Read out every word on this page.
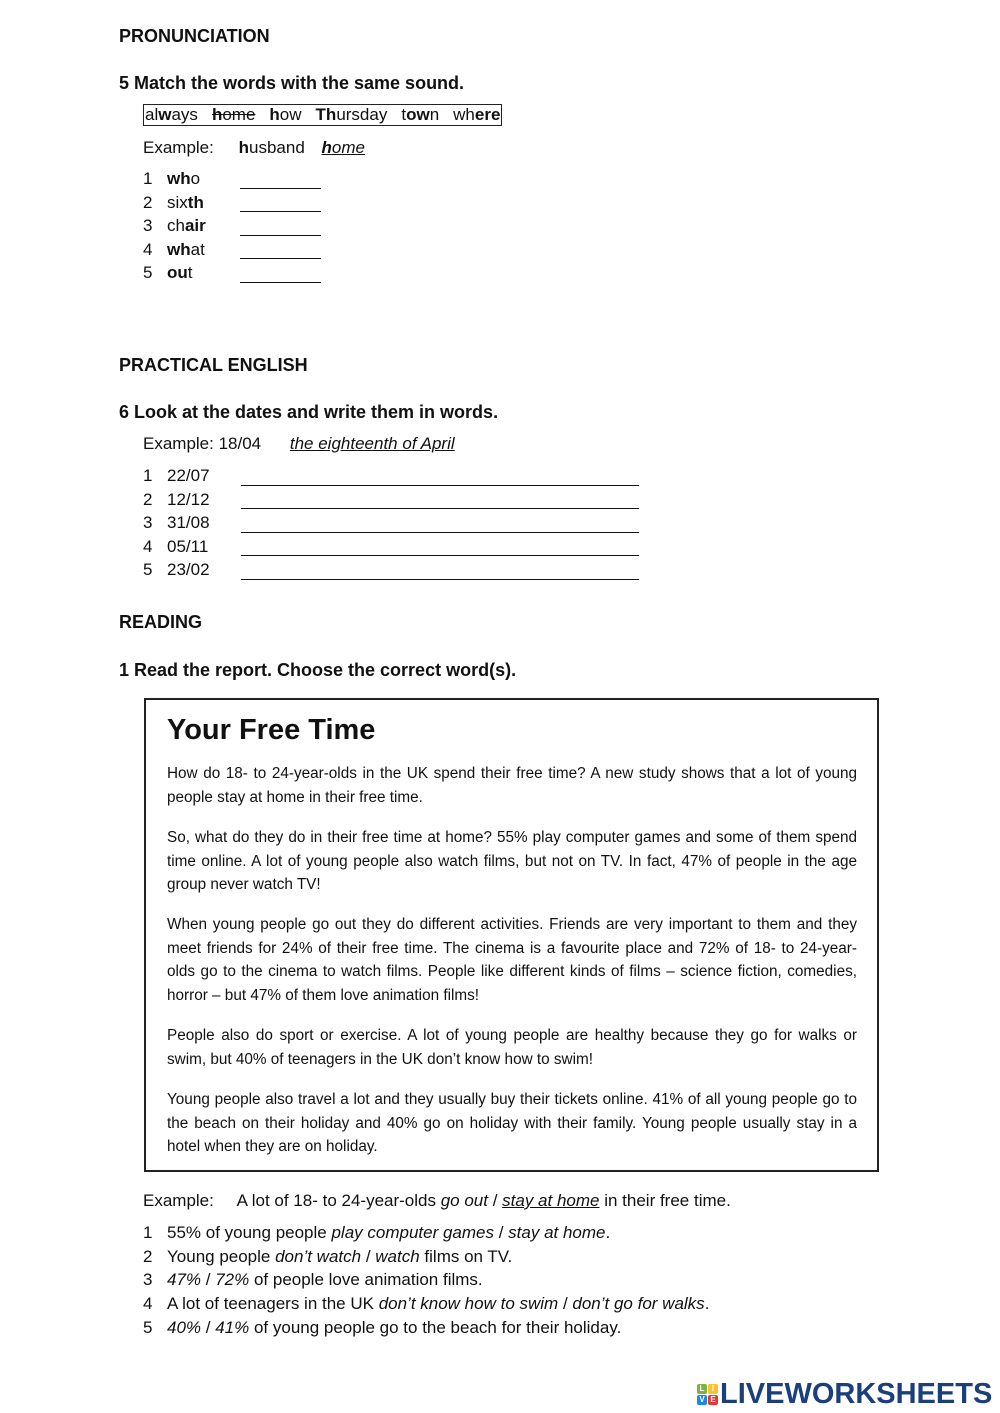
PRONUNCIATION
5 Match the words with the same sound.
always home how Thursday town where
Example: husband home
PRACTICAL ENGLISH
6 Look at the dates and write them in words.
Example: 18/04 the eighteenth of April
READING
1 Read the report. Choose the correct word(s).
Your Free Time

How do 18- to 24-year-olds in the UK spend their free time? A new study shows that a lot of young people stay at home in their free time.

So, what do they do in their free time at home? 55% play computer games and some of them spend time online. A lot of young people also watch films, but not on TV. In fact, 47% of people in the age group never watch TV!

When young people go out they do different activities. Friends are very important to them and they meet friends for 24% of their free time. The cinema is a favourite place and 72% of 18- to 24-year-olds go to the cinema to watch films. People like different kinds of films – science fiction, comedies, horror – but 47% of them love animation films!

People also do sport or exercise. A lot of young people are healthy because they go for walks or swim, but 40% of teenagers in the UK don’t know how to swim!

Young people also travel a lot and they usually buy their tickets online. 41% of all young people go to the beach on their holiday and 40% go on holiday with their family. Young people usually stay in a hotel when they are on holiday.

Example: A lot of 18- to 24-year-olds go out / stay at home in their free time.
L I
V E LIVEWORKSHEETS
1 who
2 sixth
3 chair
4 what
5 out
1 22/07
2 12/12
3 31/08
4 05/11
5 23/02
1 55% of young people play computer games / stay at home.
2 Young people don’t watch / watch films on TV.
3 47% / 72% of people love animation films.
4 A lot of teenagers in the UK don’t know how to swim / don’t go for walks.
5 40% / 41% of young people go to the beach for their holiday.
